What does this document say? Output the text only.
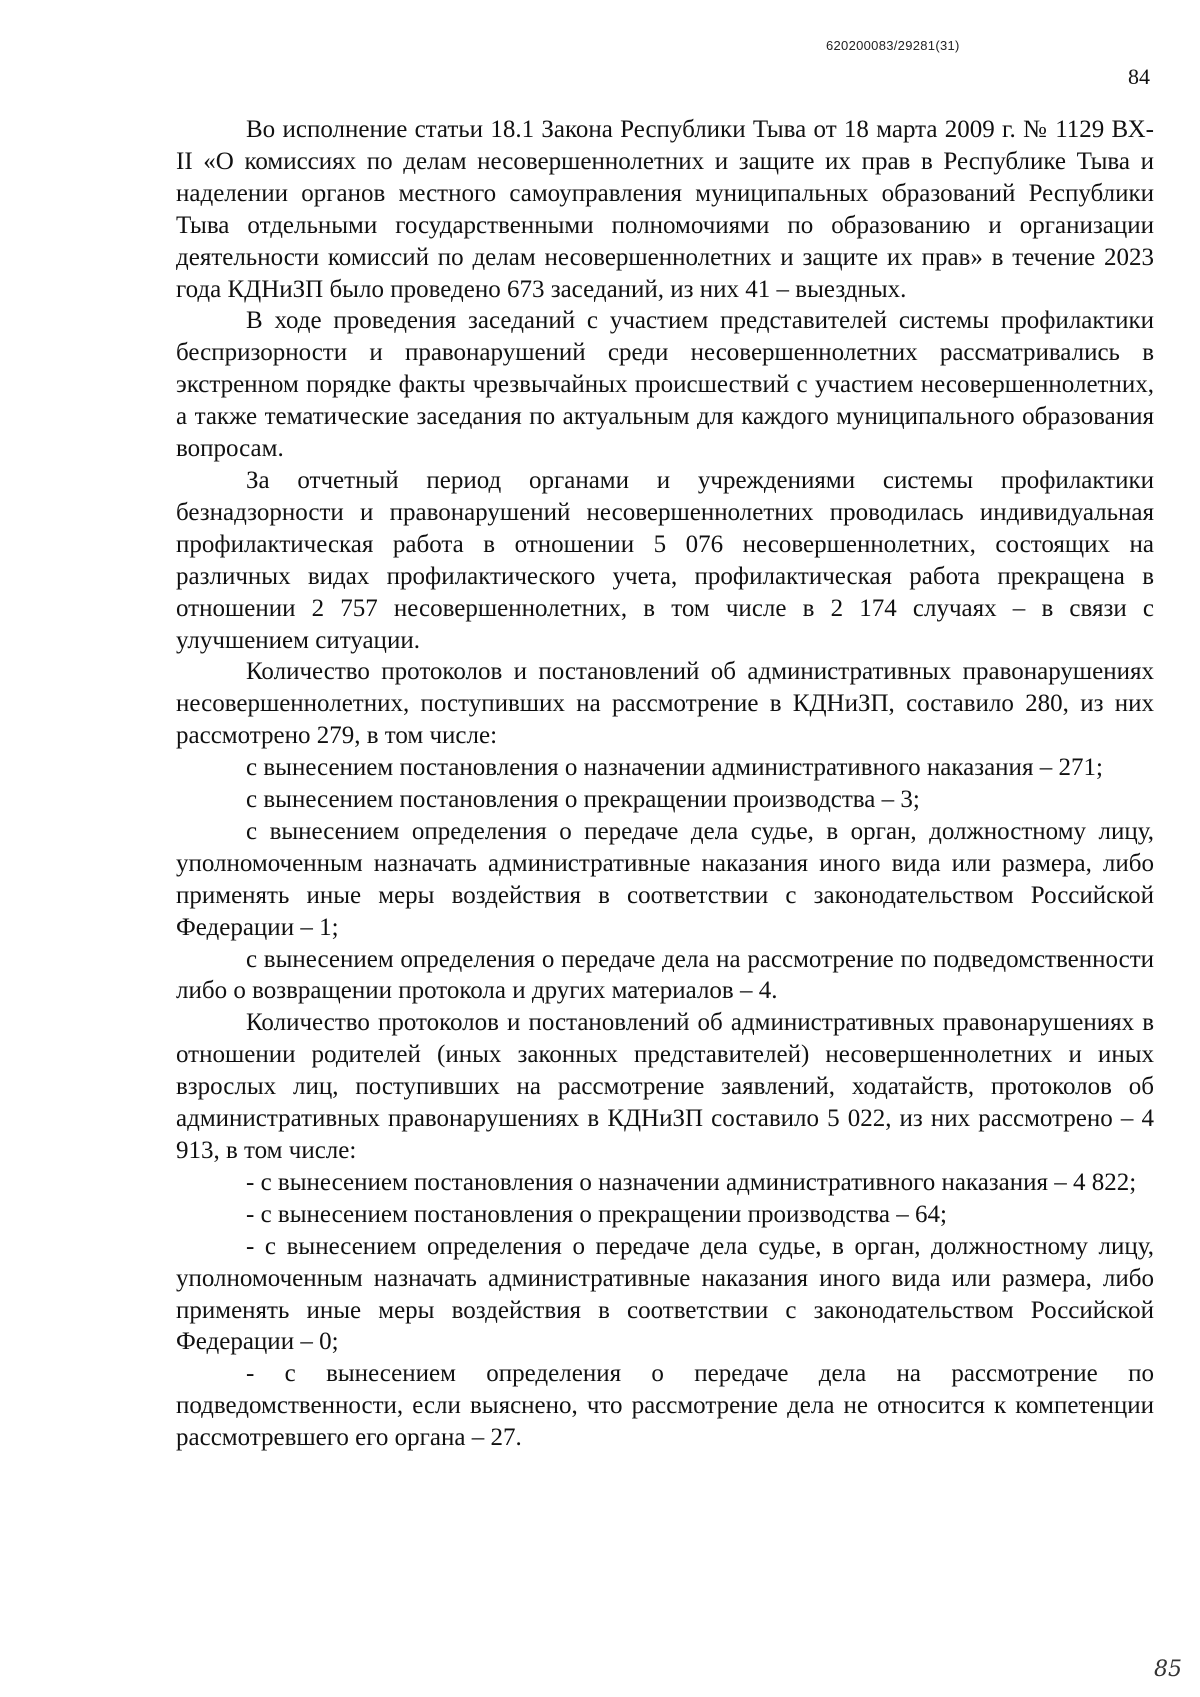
620200083/29281(31)
84

Во исполнение статьи 18.1 Закона Республики Тыва от 18 марта 2009 г. № 1129 ВХ-II «О комиссиях по делам несовершеннолетних и защите их прав в Республике Тыва и наделении органов местного самоуправления муниципальных образований Республики Тыва отдельными государственными полномочиями по образованию и организации деятельности комиссий по делам несовершеннолетних и защите их прав» в течение 2023 года КДНиЗП было проведено 673 заседаний, из них 41 – выездных.

В ходе проведения заседаний с участием представителей системы профилактики беспризорности и правонарушений среди несовершеннолетних рассматривались в экстренном порядке факты чрезвычайных происшествий с участием несовершеннолетних, а также тематические заседания по актуальным для каждого муниципального образования вопросам.

За отчетный период органами и учреждениями системы профилактики безнадзорности и правонарушений несовершеннолетних проводилась индивидуальная профилактическая работа в отношении 5 076 несовершеннолетних, состоящих на различных видах профилактического учета, профилактическая работа прекращена в отношении 2 757 несовершеннолетних, в том числе в 2 174 случаях – в связи с улучшением ситуации.

Количество протоколов и постановлений об административных правонарушениях несовершеннолетних, поступивших на рассмотрение в КДНиЗП, составило 280, из них рассмотрено 279, в том числе:

с вынесением постановления о назначении административного наказания – 271;

с вынесением постановления о прекращении производства – 3;

с вынесением определения о передаче дела судье, в орган, должностному лицу, уполномоченным назначать административные наказания иного вида или размера, либо применять иные меры воздействия в соответствии с законодательством Российской Федерации – 1;

с вынесением определения о передаче дела на рассмотрение по подведомственности либо о возвращении протокола и других материалов – 4.

Количество протоколов и постановлений об административных правонарушениях в отношении родителей (иных законных представителей) несовершеннолетних и иных взрослых лиц, поступивших на рассмотрение заявлений, ходатайств, протоколов об административных правонарушениях в КДНиЗП составило 5 022, из них рассмотрено – 4 913, в том числе:

- с вынесением постановления о назначении административного наказания – 4 822;

- с вынесением постановления о прекращении производства – 64;

- с вынесением определения о передаче дела судье, в орган, должностному лицу, уполномоченным назначать административные наказания иного вида или размера, либо применять иные меры воздействия в соответствии с законодательством Российской Федерации – 0;

- с вынесением определения о передаче дела на рассмотрение по подведомственности, если выяснено, что рассмотрение дела не относится к компетенции рассмотревшего его органа – 27.

85
